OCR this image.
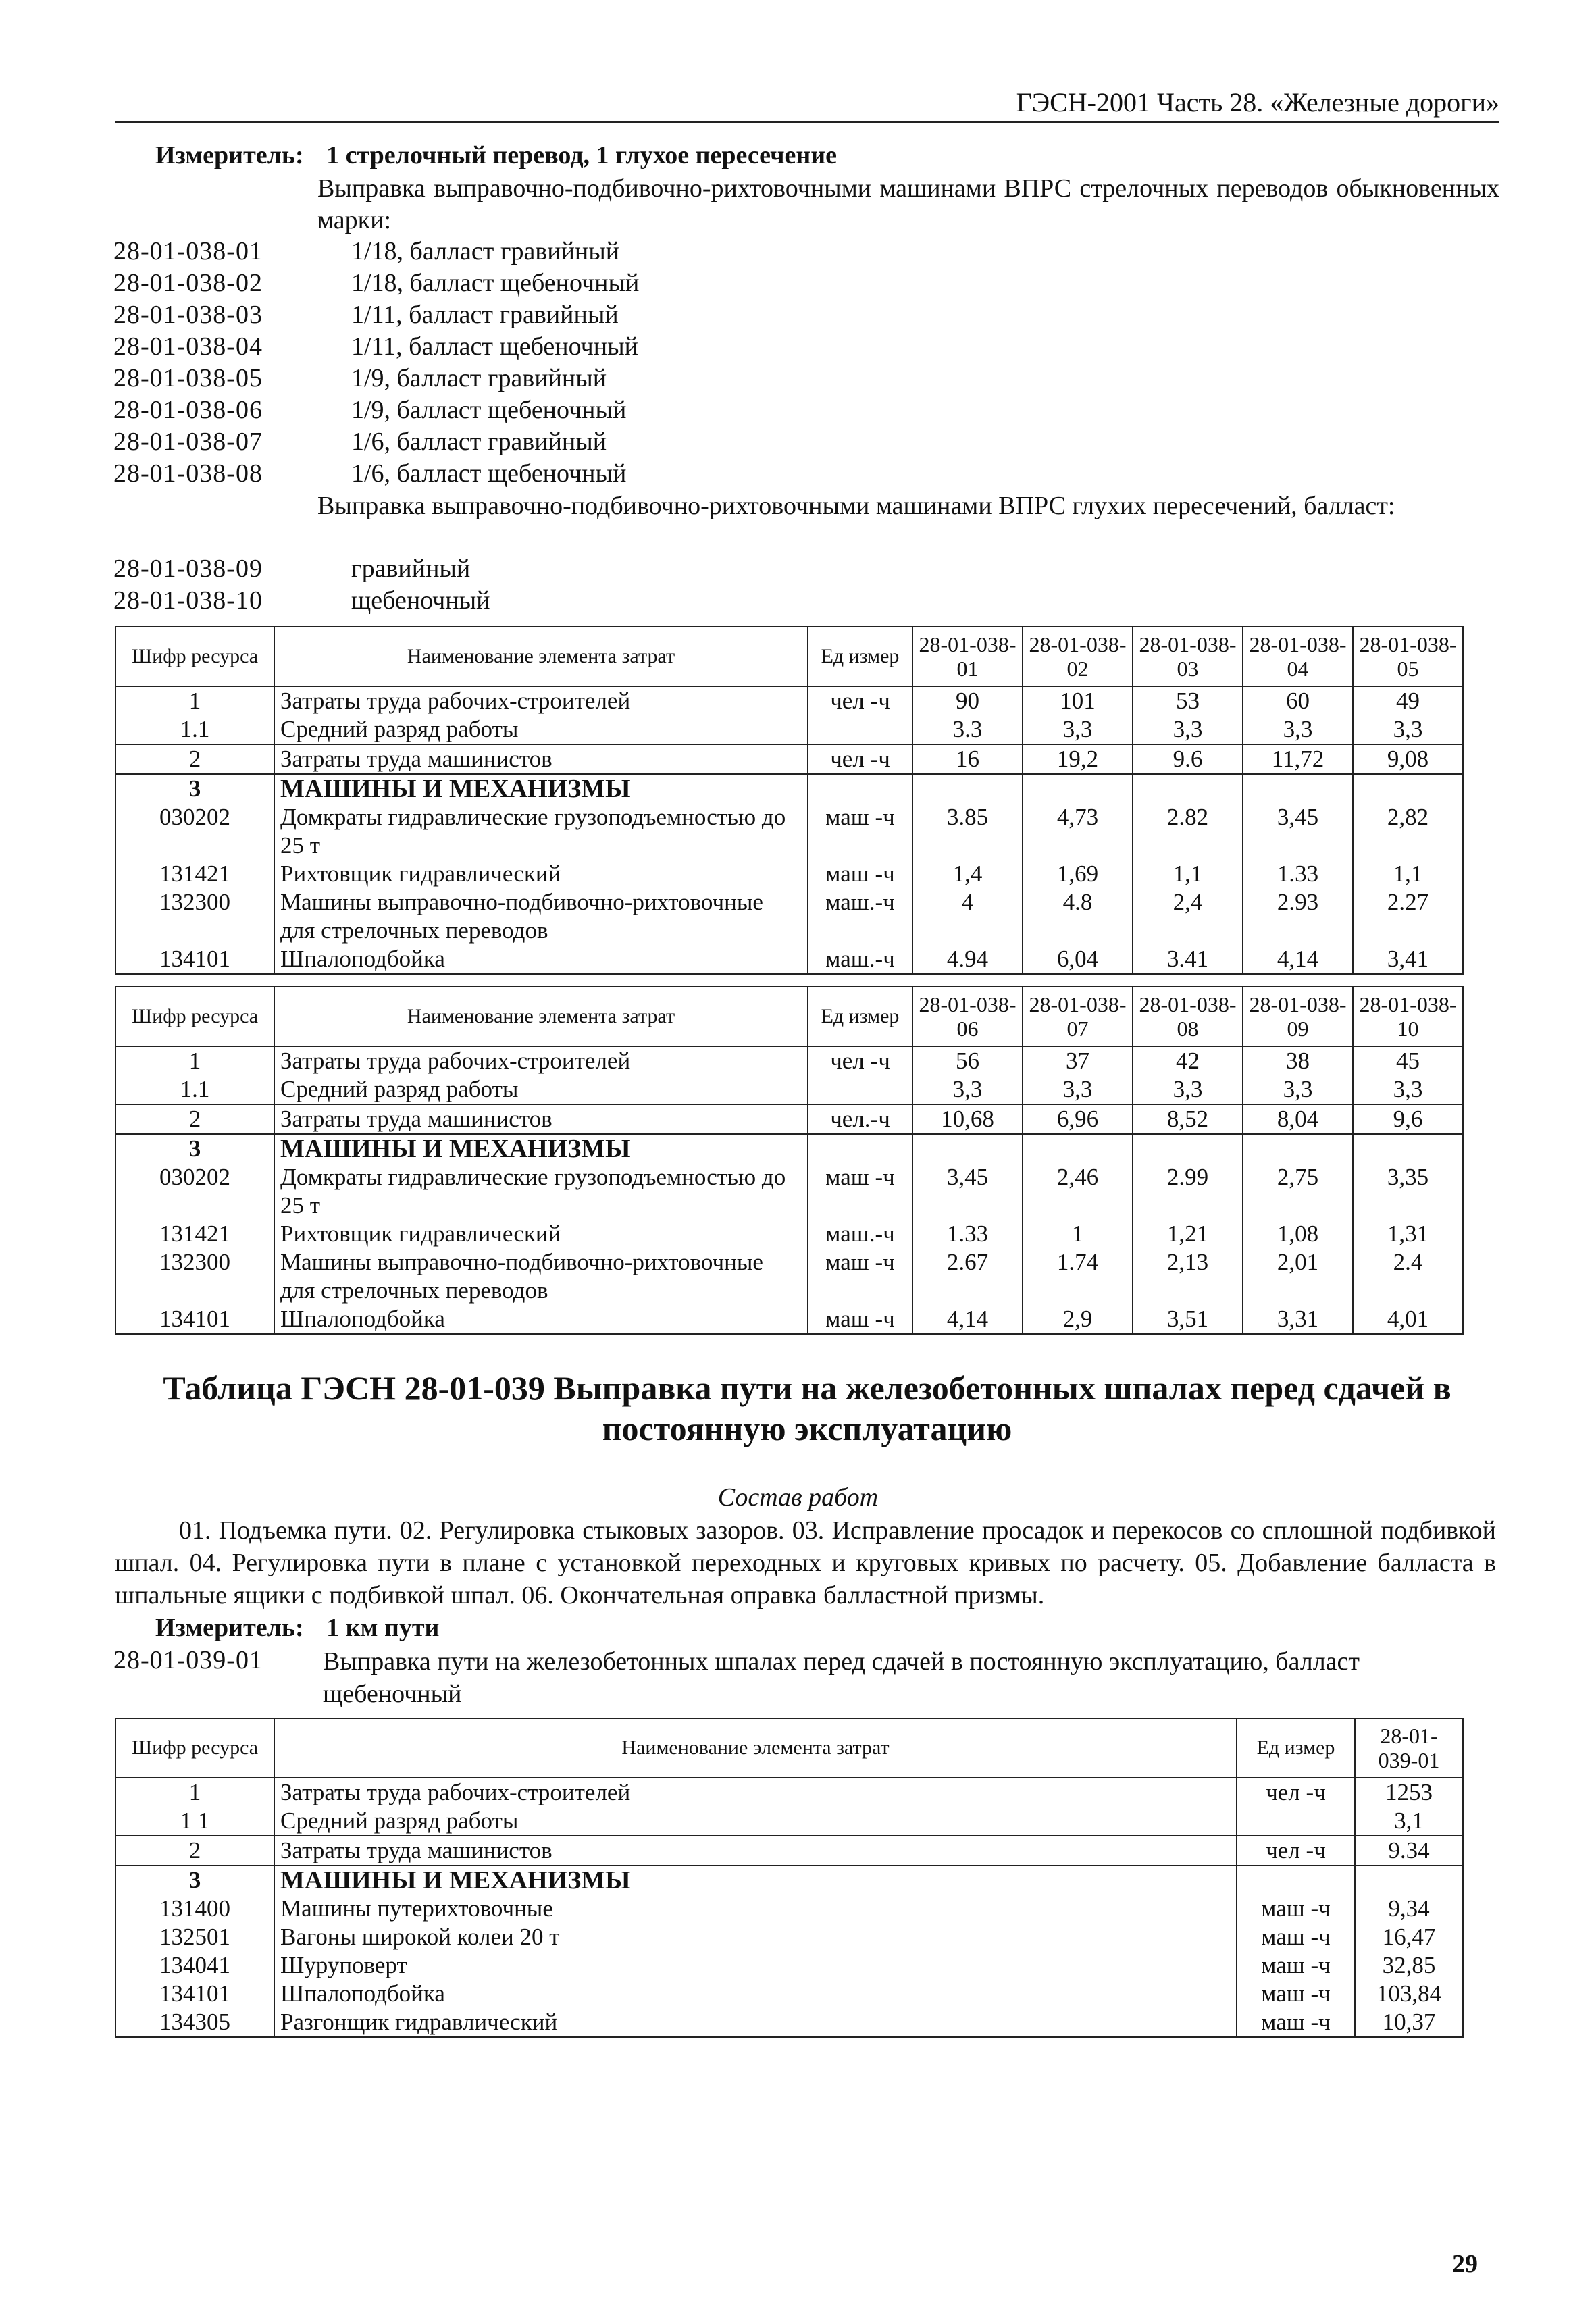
ГЭСН-2001 Часть 28. «Железные дороги»
Измеритель: 1 стрелочный перевод, 1 глухое пересечение
Выправка выправочно-подбивочно-рихтовочными машинами ВПРС стрелочных переводов обыкновенных марки:
28-01-038-01	1/18, балласт гравийный
28-01-038-02	1/18, балласт щебеночный
28-01-038-03	1/11, балласт гравийный
28-01-038-04	1/11, балласт щебеночный
28-01-038-05	1/9, балласт гравийный
28-01-038-06	1/9, балласт щебеночный
28-01-038-07	1/6, балласт гравийный
28-01-038-08	1/6, балласт щебеночный
Выправка выправочно-подбивочно-рихтовочными машинами ВПРС глухих пересечений, балласт:
28-01-038-09	гравийный
28-01-038-10	щебеночный
Шифр ресурса	Наименование элемента затрат	Ед измер	28-01-038-01	28-01-038-02	28-01-038-03	28-01-038-04	28-01-038-05
1	Затраты труда рабочих-строителей	чел -ч	90	101	53	60	49
1.1	Средний разряд работы		3.3	3,3	3,3	3,3	3,3
2	Затраты труда машинистов	чел -ч	16	19,2	9.6	11,72	9,08
3	МАШИНЫ И МЕХАНИЗМЫ						
030202	Домкраты гидравлические грузоподъемностью до 25 т	маш -ч	3.85	4,73	2.82	3,45	2,82
131421	Рихтовщик гидравлический	маш -ч	1,4	1,69	1,1	1.33	1,1
132300	Машины выправочно-подбивочно-рихтовочные для стрелочных переводов	маш.-ч	4	4.8	2,4	2.93	2.27
134101	Шпалоподбойка	маш.-ч	4.94	6,04	3.41	4,14	3,41
Шифр ресурса	Наименование элемента затрат	Ед измер	28-01-038-06	28-01-038-07	28-01-038-08	28-01-038-09	28-01-038-10
1	Затраты труда рабочих-строителей	чел -ч	56	37	42	38	45
1.1	Средний разряд работы		3,3	3,3	3,3	3,3	3,3
2	Затраты труда машинистов	чел.-ч	10,68	6,96	8,52	8,04	9,6
3	МАШИНЫ И МЕХАНИЗМЫ						
030202	Домкраты гидравлические грузоподъемностью до 25 т	маш -ч	3,45	2,46	2.99	2,75	3,35
131421	Рихтовщик гидравлический	маш.-ч	1.33	1	1,21	1,08	1,31
132300	Машины выправочно-подбивочно-рихтовочные для стрелочных переводов	маш -ч	2.67	1.74	2,13	2,01	2.4
134101	Шпалоподбойка	маш -ч	4,14	2,9	3,51	3,31	4,01
Таблица ГЭСН 28-01-039 Выправка пути на железобетонных шпалах перед сдачей в постоянную эксплуатацию
Состав работ
01. Подъемка пути. 02. Регулировка стыковых зазоров. 03. Исправление просадок и перекосов со сплошной подбивкой шпал. 04. Регулировка пути в плане с установкой переходных и круговых кривых по расчету. 05. Добавление балласта в шпальные ящики с подбивкой шпал. 06. Окончательная оправка балластной призмы.
Измеритель: 1 км пути
28-01-039-01	Выправка пути на железобетонных шпалах перед сдачей в постоянную эксплуатацию, балласт щебеночный
Шифр ресурса	Наименование элемента затрат	Ед измер	28-01-039-01
1	Затраты труда рабочих-строителей	чел -ч	1253
1 1	Средний разряд работы		3,1
2	Затраты труда машинистов	чел -ч	9.34
3	МАШИНЫ И МЕХАНИЗМЫ		
131400	Машины путерихтовочные	маш -ч	9,34
132501	Вагоны широкой колеи 20 т	маш -ч	16,47
134041	Шуруповерт	маш -ч	32,85
134101	Шпалоподбойка	маш -ч	103,84
134305	Разгонщик гидравлический	маш -ч	10,37
29
